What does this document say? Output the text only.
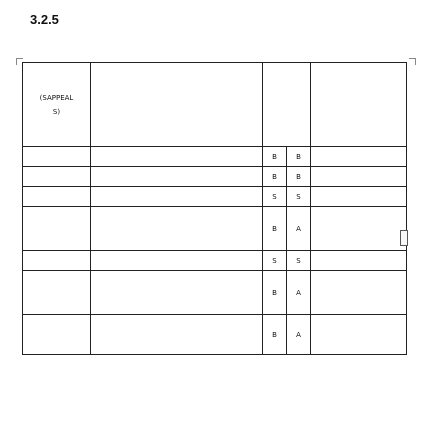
3.2.5
(SAPPEAL
S)				

		B	B	
		B	B	
		S	S	
		B	A	
		S	S	
		B	A	
		B	A	
